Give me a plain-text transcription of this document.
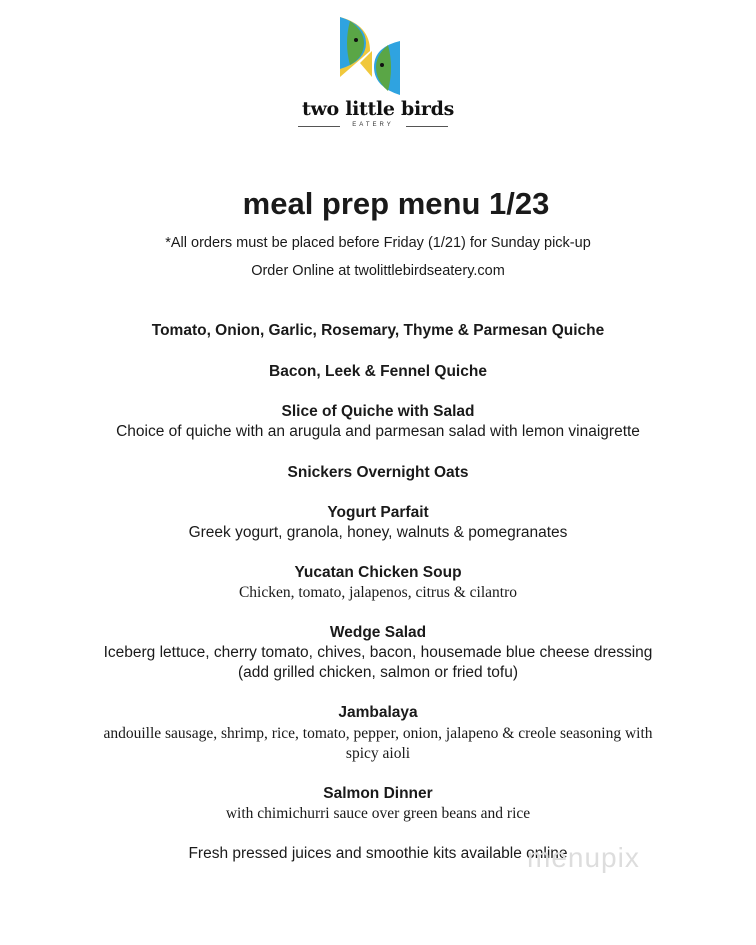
two little birds
EATERY
meal prep menu 1/23
*All orders must be placed before Friday (1/21) for Sunday pick-up
Order Online at twolittlebirdseatery.com
Tomato, Onion, Garlic, Rosemary, Thyme & Parmesan Quiche
Bacon, Leek & Fennel Quiche
Slice of Quiche with Salad
Choice of quiche with an arugula and parmesan salad with lemon vinaigrette
Snickers Overnight Oats
Yogurt Parfait
Greek yogurt, granola, honey, walnuts & pomegranates
Yucatan Chicken Soup
Chicken, tomato, jalapenos, citrus & cilantro
Wedge Salad
Iceberg lettuce, cherry tomato, chives, bacon, housemade blue cheese dressing
(add grilled chicken, salmon or fried tofu)
Jambalaya
andouille sausage, shrimp, rice, tomato, pepper, onion, jalapeno & creole seasoning with
spicy aioli
Salmon Dinner
with chimichurri sauce over green beans and rice
Fresh pressed juices and smoothie kits available online
menupix
